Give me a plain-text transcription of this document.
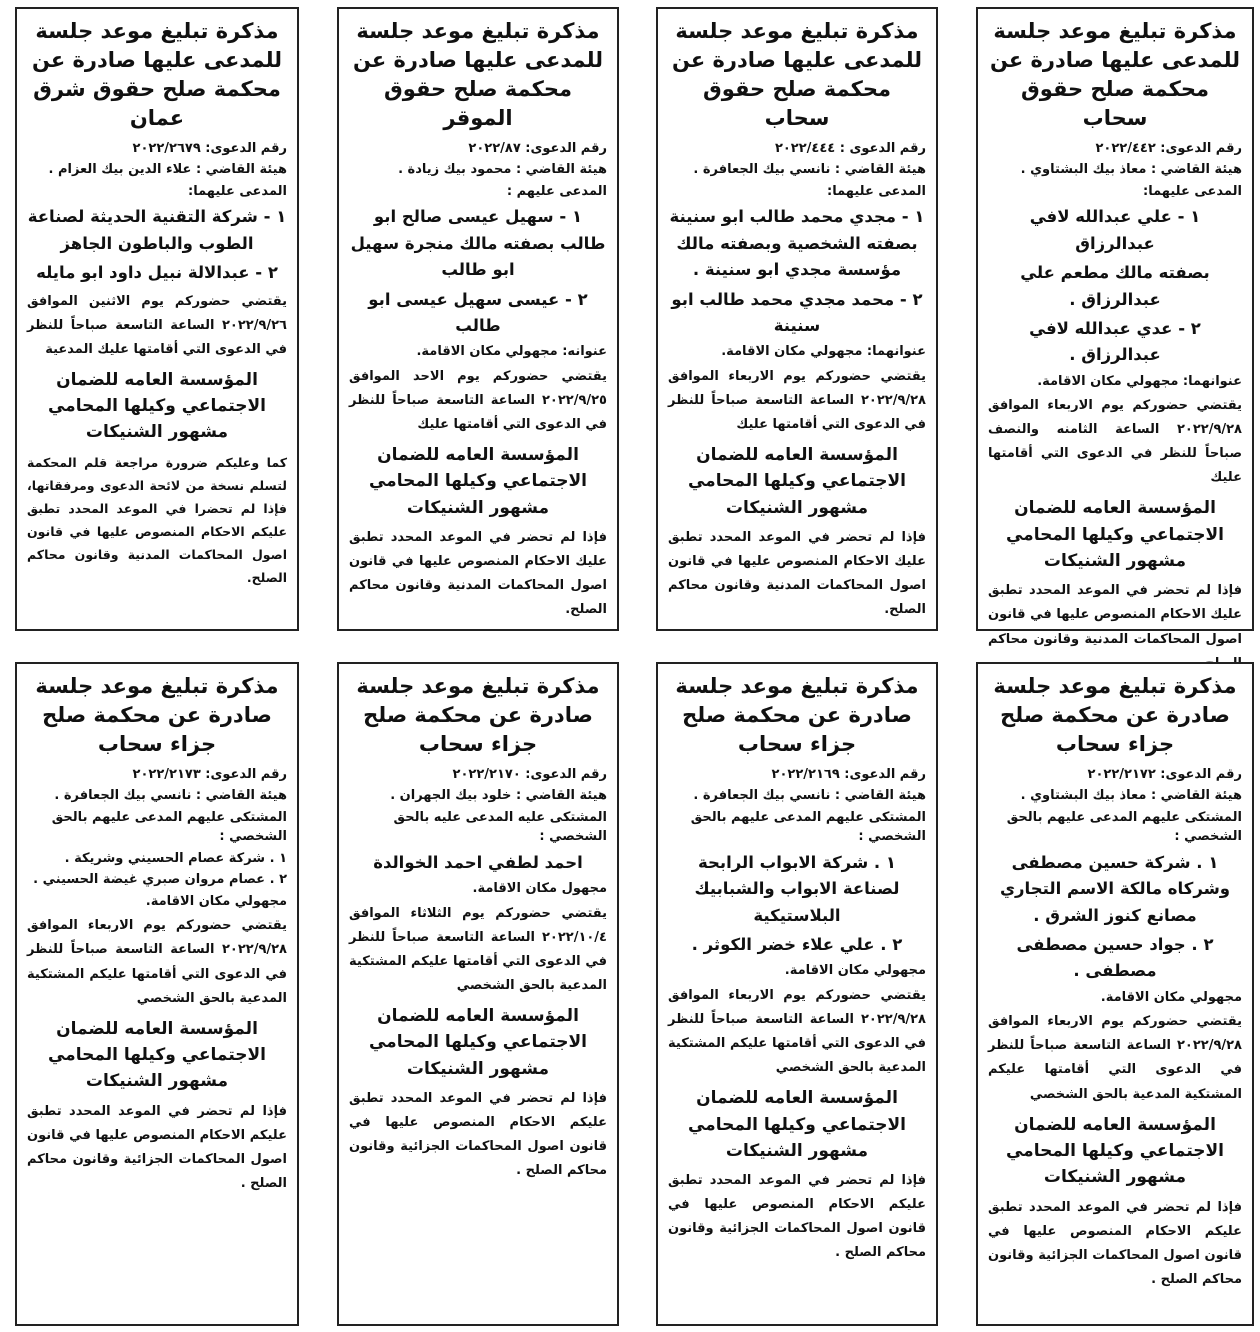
مذكرة تبليغ موعد جلسة للمدعى عليها صادرة عن محكمة صلح حقوق سحاب
رقم الدعوى: ٢٠٢٢/٤٤٢
هيئة القاضي : معاذ بيك البشتاوي .
المدعى عليهما:
١ - علي عبدالله لافي عبدالرزاق
بصفته مالك مطعم علي عبدالرزاق .
٢ - عدي عبدالله لافي عبدالرزاق .
عنوانهما: مجهولي مكان الاقامة.
يقتضي حضوركم يوم الاربعاء الموافق ٢٠٢٢/٩/٢٨ الساعة الثامنه والنصف صباحاً للنظر في الدعوى التي أقامتها عليك
المؤسسة العامه للضمان الاجتماعي وكيلها المحامي مشهور الشنيكات
فإذا لم تحضر في الموعد المحدد تطبق عليك الاحكام المنصوص عليها في قانون اصول المحاكمات المدنية وقانون محاكم
مذكرة تبليغ موعد جلسة للمدعى عليها صادرة عن محكمة صلح حقوق سحاب
رقم الدعوى : ٢٠٢٢/٤٤٤
هيئة القاضي : نانسي بيك الجعافرة .
المدعى عليهما:
١ - مجدي محمد طالب ابو سنينة بصفته الشخصية وبصفته مالك مؤسسة مجدي ابو سنينة .
٢ - محمد مجدي محمد طالب ابو سنينة
عنوانهما: مجهولي مكان الاقامة.
يقتضي حضوركم يوم الاربعاء الموافق ٢٠٢٢/٩/٢٨ الساعة التاسعة صباحاً للنظر في الدعوى التي أقامتها عليك
المؤسسة العامه للضمان الاجتماعي وكيلها المحامي مشهور الشنيكات
فإذا لم تحضر في الموعد المحدد تطبق عليك الاحكام المنصوص عليها في قانون اصول المحاكمات المدنية وقانون محاكم الصلح.
مذكرة تبليغ موعد جلسة للمدعى عليها صادرة عن محكمة صلح حقوق الموقر
رقم الدعوى: ٢٠٢٢/٨٧
هيئة القاضي : محمود بيك زيادة .
المدعى عليهم :
١ - سهيل عيسى صالح ابو طالب بصفته مالك منجرة سهيل ابو طالب
٢ - عيسى سهيل عيسى ابو طالب
عنوانه: مجهولي مكان الاقامة.
يقتضي حضوركم يوم الاحد الموافق ٢٠٢٢/٩/٢٥ الساعة التاسعة صباحاً للنظر في الدعوى التي أقامتها عليك
المؤسسة العامه للضمان الاجتماعي وكيلها المحامي مشهور الشنيكات
فإذا لم تحضر في الموعد المحدد تطبق عليك الاحكام المنصوص عليها في قانون اصول المحاكمات المدنية وقانون محاكم الصلح.
مذكرة تبليغ موعد جلسة للمدعى عليها صادرة عن محكمة صلح حقوق شرق عمان
رقم الدعوى: ٢٠٢٢/٢٦٧٩
هيئة القاضي : علاء الدين بيك العزام .
المدعى عليهما:
١ - شركة التقنية الحديثة لصناعة الطوب والباطون الجاهز
٢ - عبدالالة نبيل داود ابو مايله
يقتضي حضوركم يوم الاثنين الموافق ٢٠٢٢/٩/٢٦ الساعة التاسعة صباحاً للنظر في الدعوى التي أقامتها عليك المدعية
المؤسسة العامه للضمان الاجتماعي وكيلها المحامي مشهور الشنيكات
كما وعليكم ضرورة مراجعة قلم المحكمة لتسلم نسخة من لائحة الدعوى ومرفقاتها، فإذا لم تحضرا في الموعد المحدد تطبق عليكم الاحكام المنصوص عليها في قانون اصول المحاكمات المدنية وقانون محاكم الصلح.
مذكرة تبليغ موعد جلسة صادرة عن محكمة صلح جزاء سحاب
رقم الدعوى: ٢٠٢٢/٢١٧٢
هيئة القاضي : معاذ بيك البشتاوي .
المشتكى عليهم المدعى عليهم بالحق الشخصي :
١ . شركة حسين مصطفى وشركاه مالكة الاسم التجاري مصانع كنوز الشرق .
٢ . جواد حسين مصطفى مصطفى .
مجهولي مكان الاقامة.
يقتضي حضوركم يوم الاربعاء الموافق ٢٠٢٢/٩/٢٨ الساعة التاسعة صباحاً للنظر في الدعوى التي أقامتها عليكم المشتكية المدعية بالحق الشخصي
المؤسسة العامه للضمان الاجتماعي وكيلها المحامي مشهور الشنيكات
فإذا لم تحضر في الموعد المحدد تطبق عليكم الاحكام المنصوص عليها في قانون اصول المحاكمات الجزائية وقانون محاكم الصلح .
مذكرة تبليغ موعد جلسة صادرة عن محكمة صلح جزاء سحاب
رقم الدعوى: ٢٠٢٢/٢١٦٩
هيئة القاضي : نانسي بيك الجعافرة .
المشتكى عليهم المدعى عليهم بالحق الشخصي :
١ . شركة الابواب الرابحة لصناعة الابواب والشبابيك البلاستيكية
٢ . علي علاء خضر الكوثر .
مجهولي مكان الاقامة.
يقتضي حضوركم يوم الاربعاء الموافق ٢٠٢٢/٩/٢٨ الساعة التاسعة صباحاً للنظر في الدعوى التي أقامتها عليكم المشتكية المدعية بالحق الشخصي
المؤسسة العامه للضمان الاجتماعي وكيلها المحامي مشهور الشنيكات
فإذا لم تحضر في الموعد المحدد تطبق عليكم الاحكام المنصوص عليها في قانون اصول المحاكمات الجزائية وقانون محاكم الصلح .
مذكرة تبليغ موعد جلسة صادرة عن محكمة صلح جزاء سحاب
رقم الدعوى: ٢٠٢٢/٢١٧٠
هيئة القاضي : خلود بيك الجهران .
المشتكى عليه المدعى عليه بالحق الشخصي :
احمد لطفي احمد الخوالدة
مجهول مكان الاقامة.
يقتضي حضوركم يوم الثلاثاء الموافق ٢٠٢٢/١٠/٤ الساعة التاسعة صباحاً للنظر في الدعوى التي أقامتها عليكم المشتكية المدعية بالحق الشخصي
المؤسسة العامه للضمان الاجتماعي وكيلها المحامي مشهور الشنيكات
فإذا لم تحضر في الموعد المحدد تطبق عليكم الاحكام المنصوص عليها في قانون اصول المحاكمات الجزائية وقانون محاكم الصلح .
مذكرة تبليغ موعد جلسة صادرة عن محكمة صلح جزاء سحاب
رقم الدعوى: ٢٠٢٢/٢١٧٣
هيئة القاضي : نانسي بيك الجعافرة .
المشتكى عليهم المدعى عليهم بالحق الشخصي :
١ . شركة عصام الحسيني وشريكة .
٢ . عصام مروان صبري غيضة الحسيني .
مجهولي مكان الاقامة.
يقتضي حضوركم يوم الاربعاء الموافق ٢٠٢٢/٩/٢٨ الساعة التاسعة صباحاً للنظر في الدعوى التي أقامتها عليكم المشتكية المدعية بالحق الشخصي
المؤسسة العامه للضمان الاجتماعي وكيلها المحامي مشهور الشنيكات
فإذا لم تحضر في الموعد المحدد تطبق عليكم الاحكام المنصوص عليها في قانون اصول المحاكمات الجزائية وقانون محاكم الصلح .
